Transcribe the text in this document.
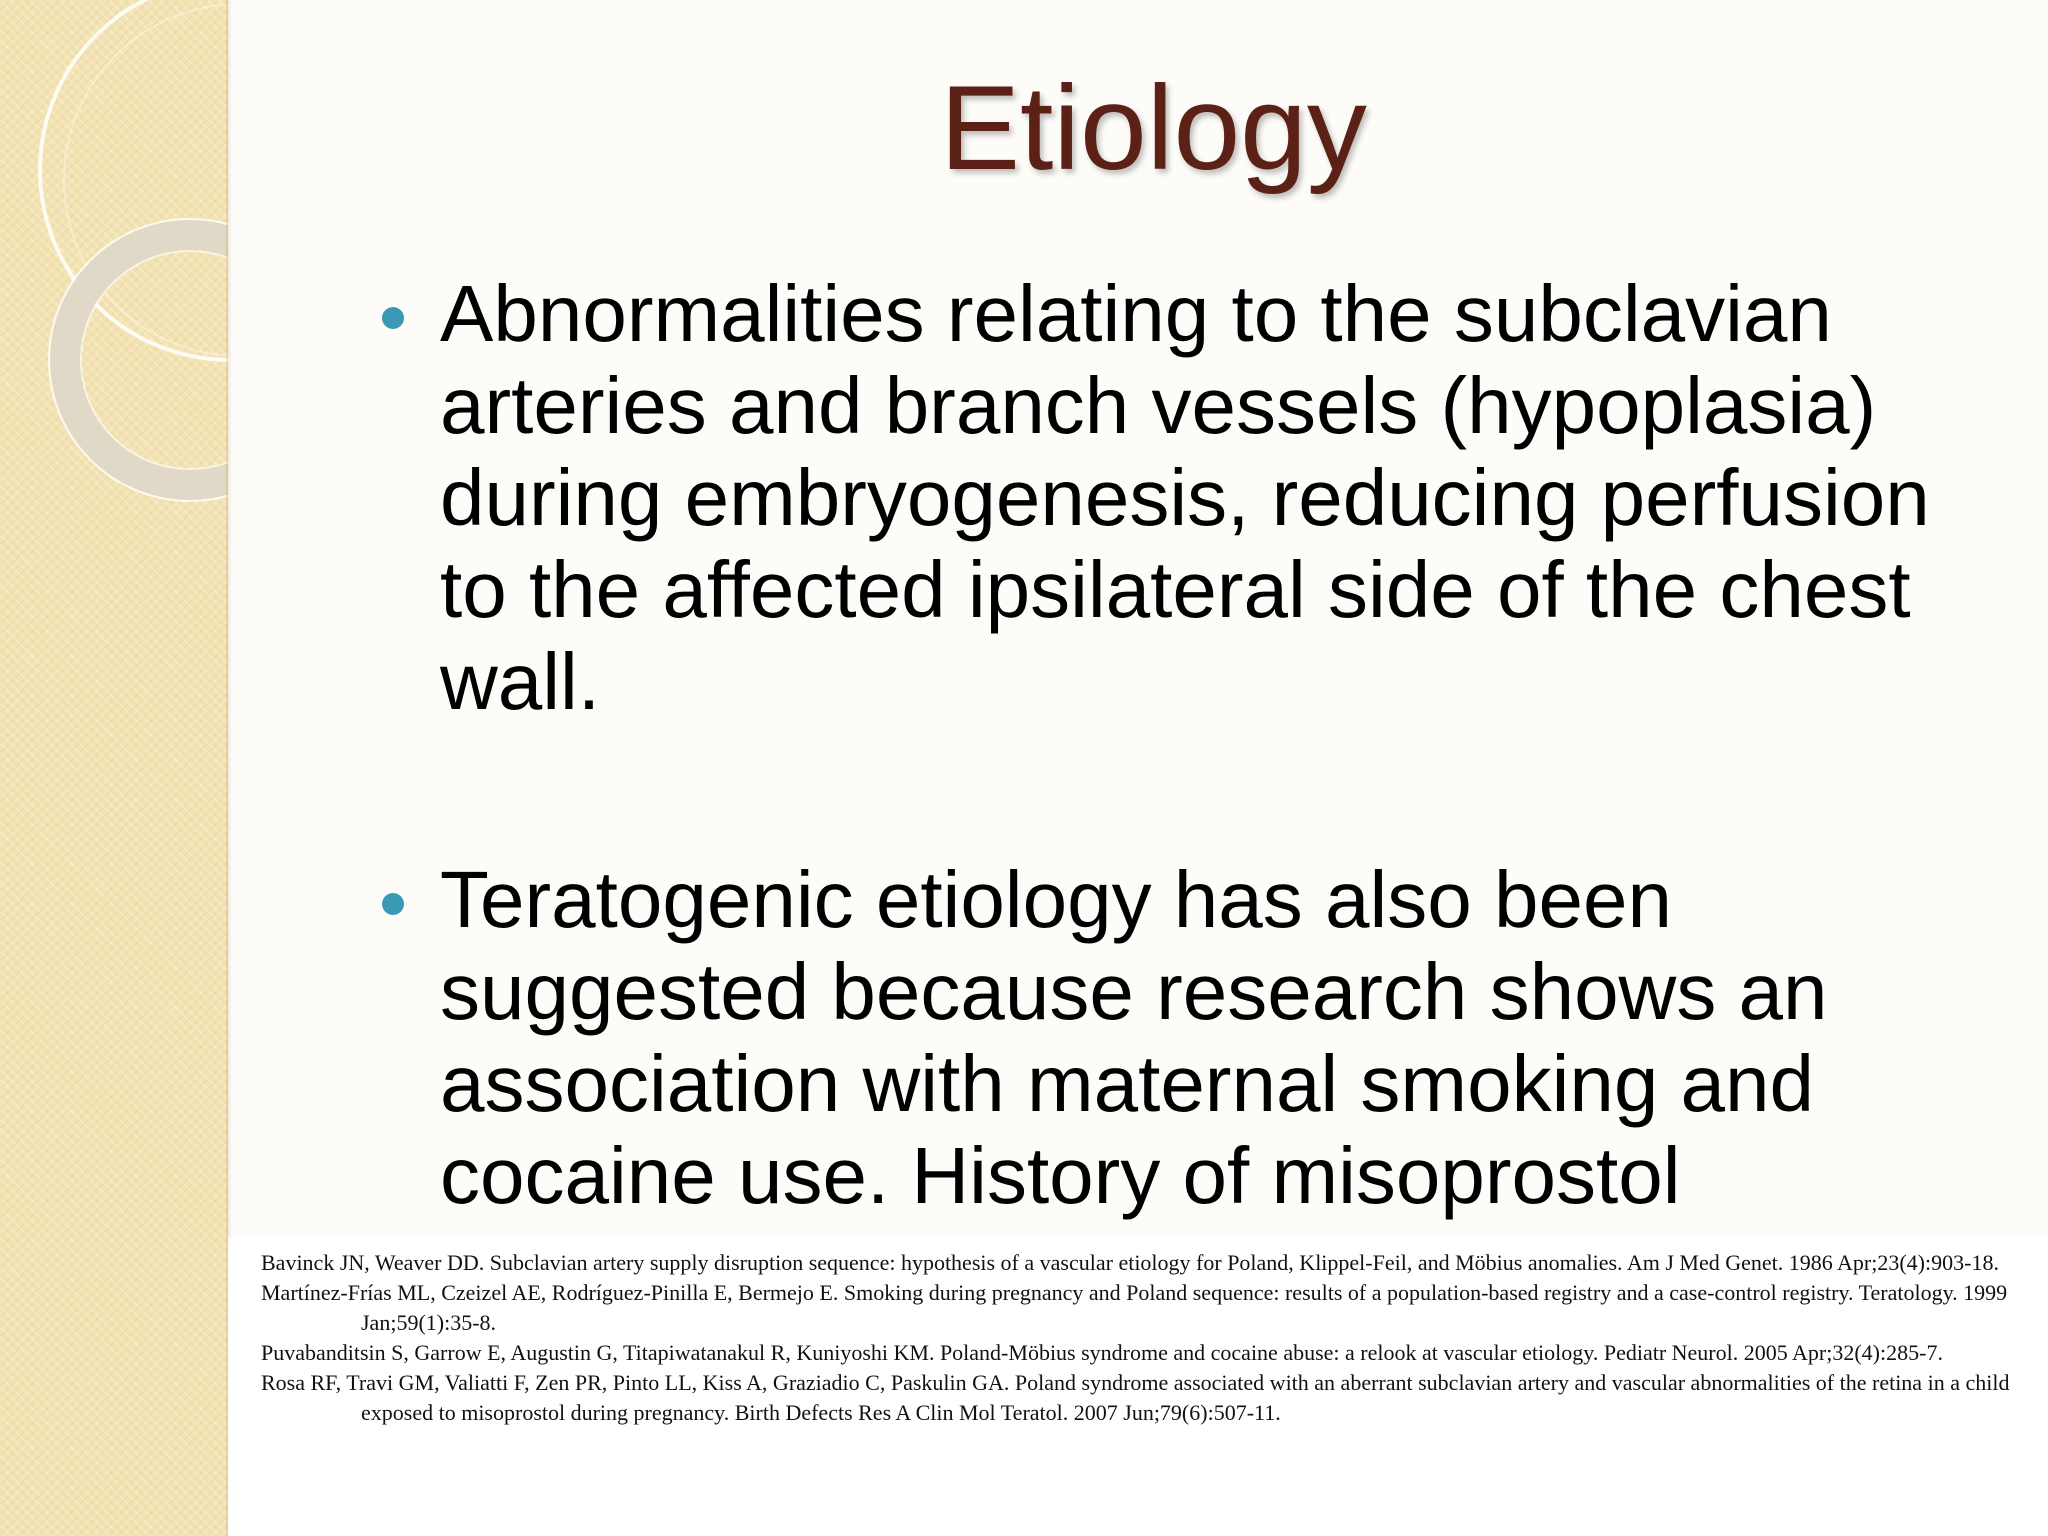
Etiology

Abnormalities relating to the subclavian arteries and branch vessels (hypoplasia) during embryogenesis, reducing perfusion to the affected ipsilateral side of the chest wall.

Teratogenic etiology has also been suggested because research shows an association with maternal smoking and cocaine use. History of misoprostol

Bavinck JN, Weaver DD. Subclavian artery supply disruption sequence: hypothesis of a vascular etiology for Poland, Klippel-Feil, and Möbius anomalies. Am J Med Genet. 1986 Apr;23(4):903-18.

Martínez-Frías ML, Czeizel AE, Rodríguez-Pinilla E, Bermejo E. Smoking during pregnancy and Poland sequence: results of a population-based registry and a case-control registry. Teratology. 1999 Jan;59(1):35-8.

Puvabanditsin S, Garrow E, Augustin G, Titapiwatanakul R, Kuniyoshi KM. Poland-Möbius syndrome and cocaine abuse: a relook at vascular etiology. Pediatr Neurol. 2005 Apr;32(4):285-7.

Rosa RF, Travi GM, Valiatti F, Zen PR, Pinto LL, Kiss A, Graziadio C, Paskulin GA. Poland syndrome associated with an aberrant subclavian artery and vascular abnormalities of the retina in a child exposed to misoprostol during pregnancy. Birth Defects Res A Clin Mol Teratol. 2007 Jun;79(6):507-11.
